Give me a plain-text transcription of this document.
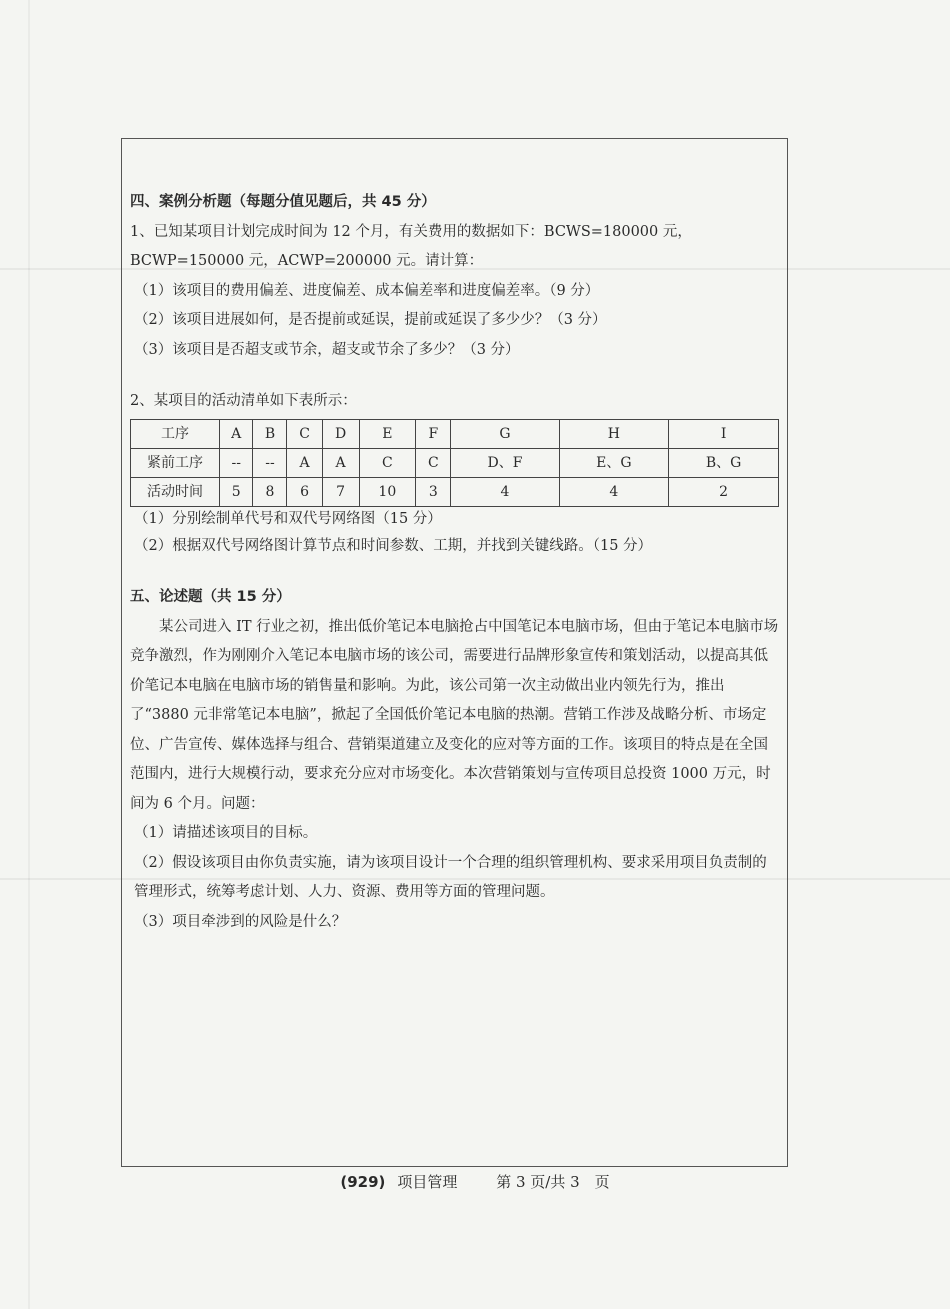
四、案例分析题（每题分值见题后，共 45 分）

1、已知某项目计划完成时间为 12 个月，有关费用的数据如下：BCWS=180000 元，

BCWP=150000 元，ACWP=200000 元。请计算：

（1）该项目的费用偏差、进度偏差、成本偏差率和进度偏差率。（9 分）

（2）该项目进展如何，是否提前或延误，提前或延误了多少少？（3 分）

（3）该项目是否超支或节余，超支或节余了多少？（3 分）

2、某项目的活动清单如下表所示：

工序	A	B	C	D	E	F	G	H	I
紧前工序	--	--	A	A	C	C	D、F	E、G	B、G
活动时间	5	8	6	7	10	3	4	4	2

（1）分别绘制单代号和双代号网络图（15 分）

（2）根据双代号网络图计算节点和时间参数、工期，并找到关键线路。（15 分）

五、论述题（共 15 分）

某公司进入 IT 行业之初，推出低价笔记本电脑抢占中国笔记本电脑市场，但由于笔记本电脑市场竞争激烈，作为刚刚介入笔记本电脑市场的该公司，需要进行品牌形象宣传和策划活动，以提高其低价笔记本电脑在电脑市场的销售量和影响。为此，该公司第一次主动做出业内领先行为，推出了“3880 元非常笔记本电脑”，掀起了全国低价笔记本电脑的热潮。营销工作涉及战略分析、市场定位、广告宣传、媒体选择与组合、营销渠道建立及变化的应对等方面的工作。该项目的特点是在全国范围内，进行大规模行动，要求充分应对市场变化。本次营销策划与宣传项目总投资 1000 万元，时间为 6 个月。问题：

（1）请描述该项目的目标。

（2）假设该项目由你负责实施，请为该项目设计一个合理的组织管理机构、要求采用项目负责制的管理形式，统筹考虑计划、人力、资源、费用等方面的管理问题。

（3）项目牵涉到的风险是什么？

(929) 项目管理	第 3 页/共 3　页
